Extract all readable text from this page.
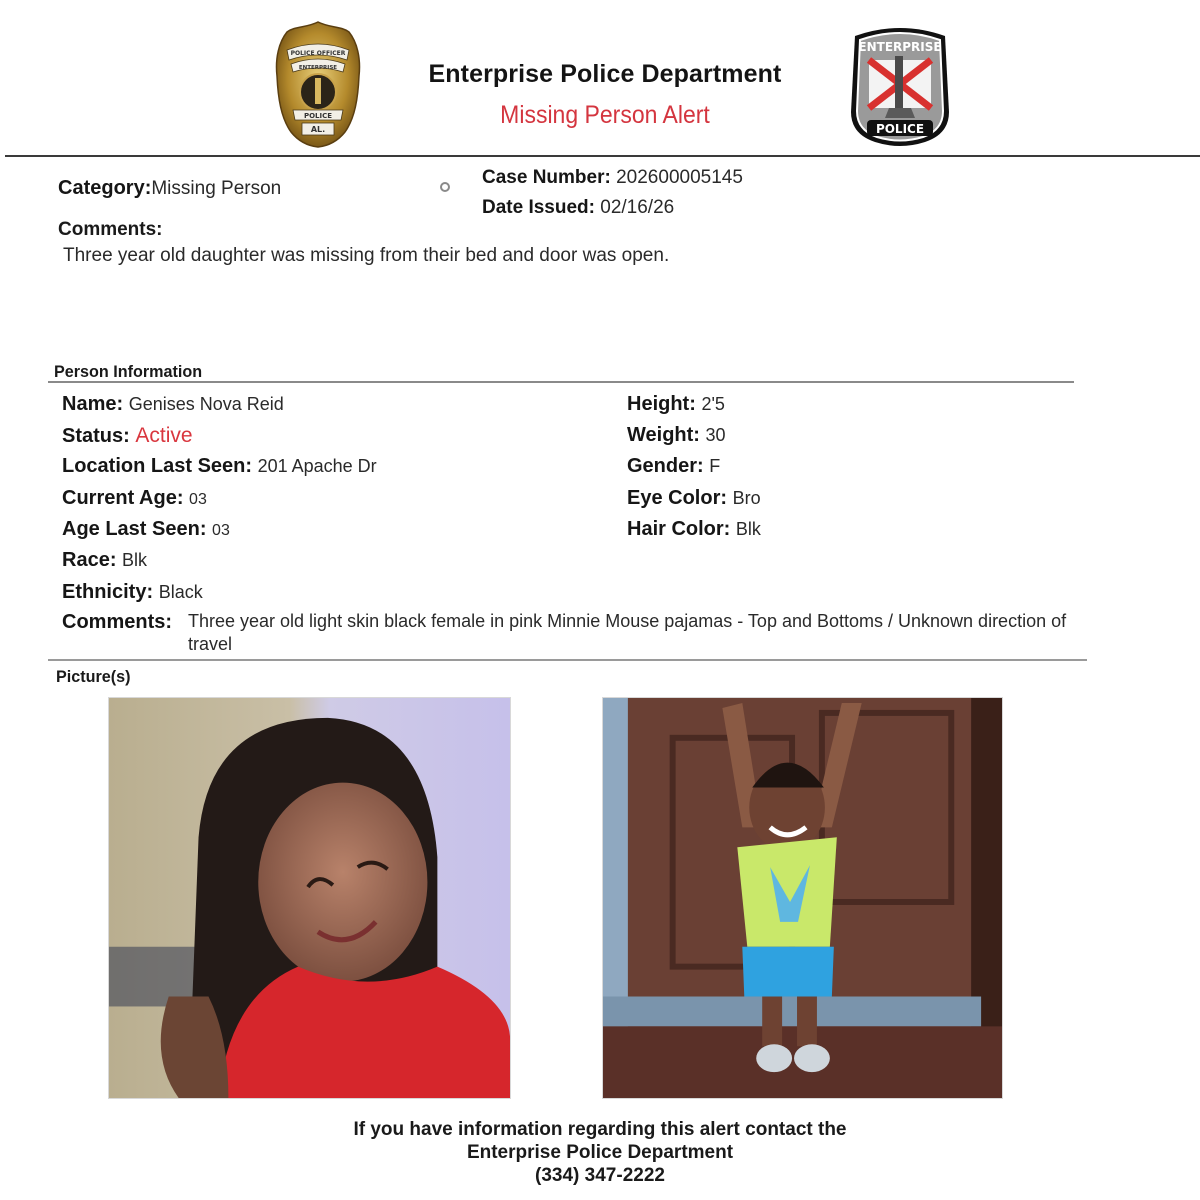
POLICE OFFICER
ENTERPRISE
POLICE
AL.
Enterprise Police Department
Missing Person Alert
ENTERPRISE
POLICE
Category:Missing Person
Case Number: 202600005145
Date Issued: 02/16/26
Comments:
Three year old daughter was missing from their bed and door was open.
Person Information
Name: Genises Nova Reid
Status: Active
Location Last Seen: 201 Apache Dr
Current Age: 03
Age Last Seen: 03
Race: Blk
Ethnicity: Black
Height: 2'5
Weight: 30
Gender: F
Eye Color: Bro
Hair Color: Blk
Comments: Three year old light skin black female in pink Minnie Mouse pajamas - Top and Bottoms / Unknown direction of travel
Picture(s)
If you have information regarding this alert contact the
Enterprise Police Department
(334) 347-2222
